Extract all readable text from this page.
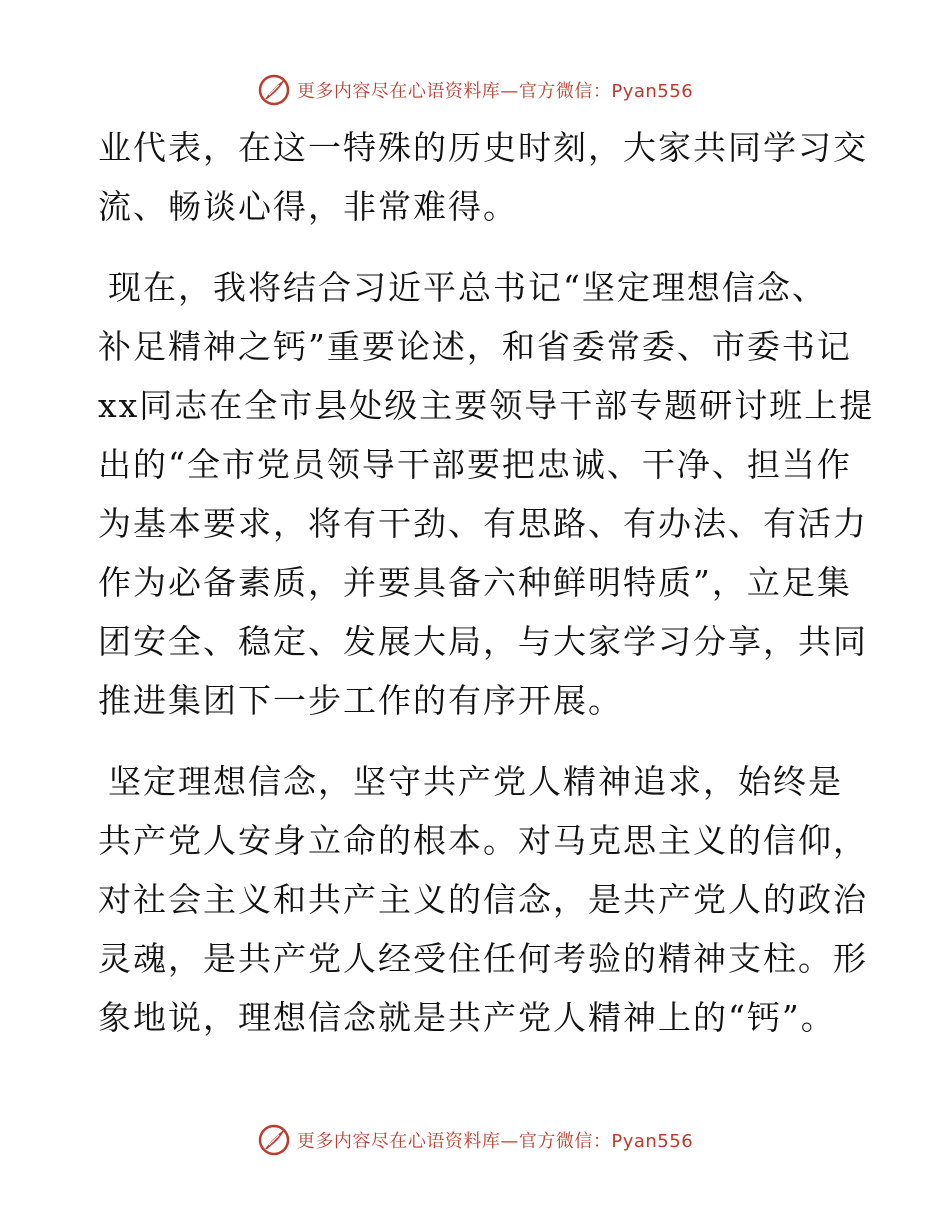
更多内容尽在心语资料库—官方微信：Pyan556

业代表，在这一特殊的历史时刻，大家共同学习交
流、畅谈心得，非常难得。

现在，我将结合习近平总书记“坚定理想信念、
补足精神之钙”重要论述，和省委常委、市委书记
xx同志在全市县处级主要领导干部专题研讨班上提
出的“全市党员领导干部要把忠诚、干净、担当作
为基本要求，将有干劲、有思路、有办法、有活力
作为必备素质，并要具备六种鲜明特质”，立足集
团安全、稳定、发展大局，与大家学习分享，共同
推进集团下一步工作的有序开展。

坚定理想信念，坚守共产党人精神追求，始终是
共产党人安身立命的根本。对马克思主义的信仰，
对社会主义和共产主义的信念，是共产党人的政治
灵魂，是共产党人经受住任何考验的精神支柱。形
象地说，理想信念就是共产党人精神上的“钙”。

更多内容尽在心语资料库—官方微信：Pyan556
